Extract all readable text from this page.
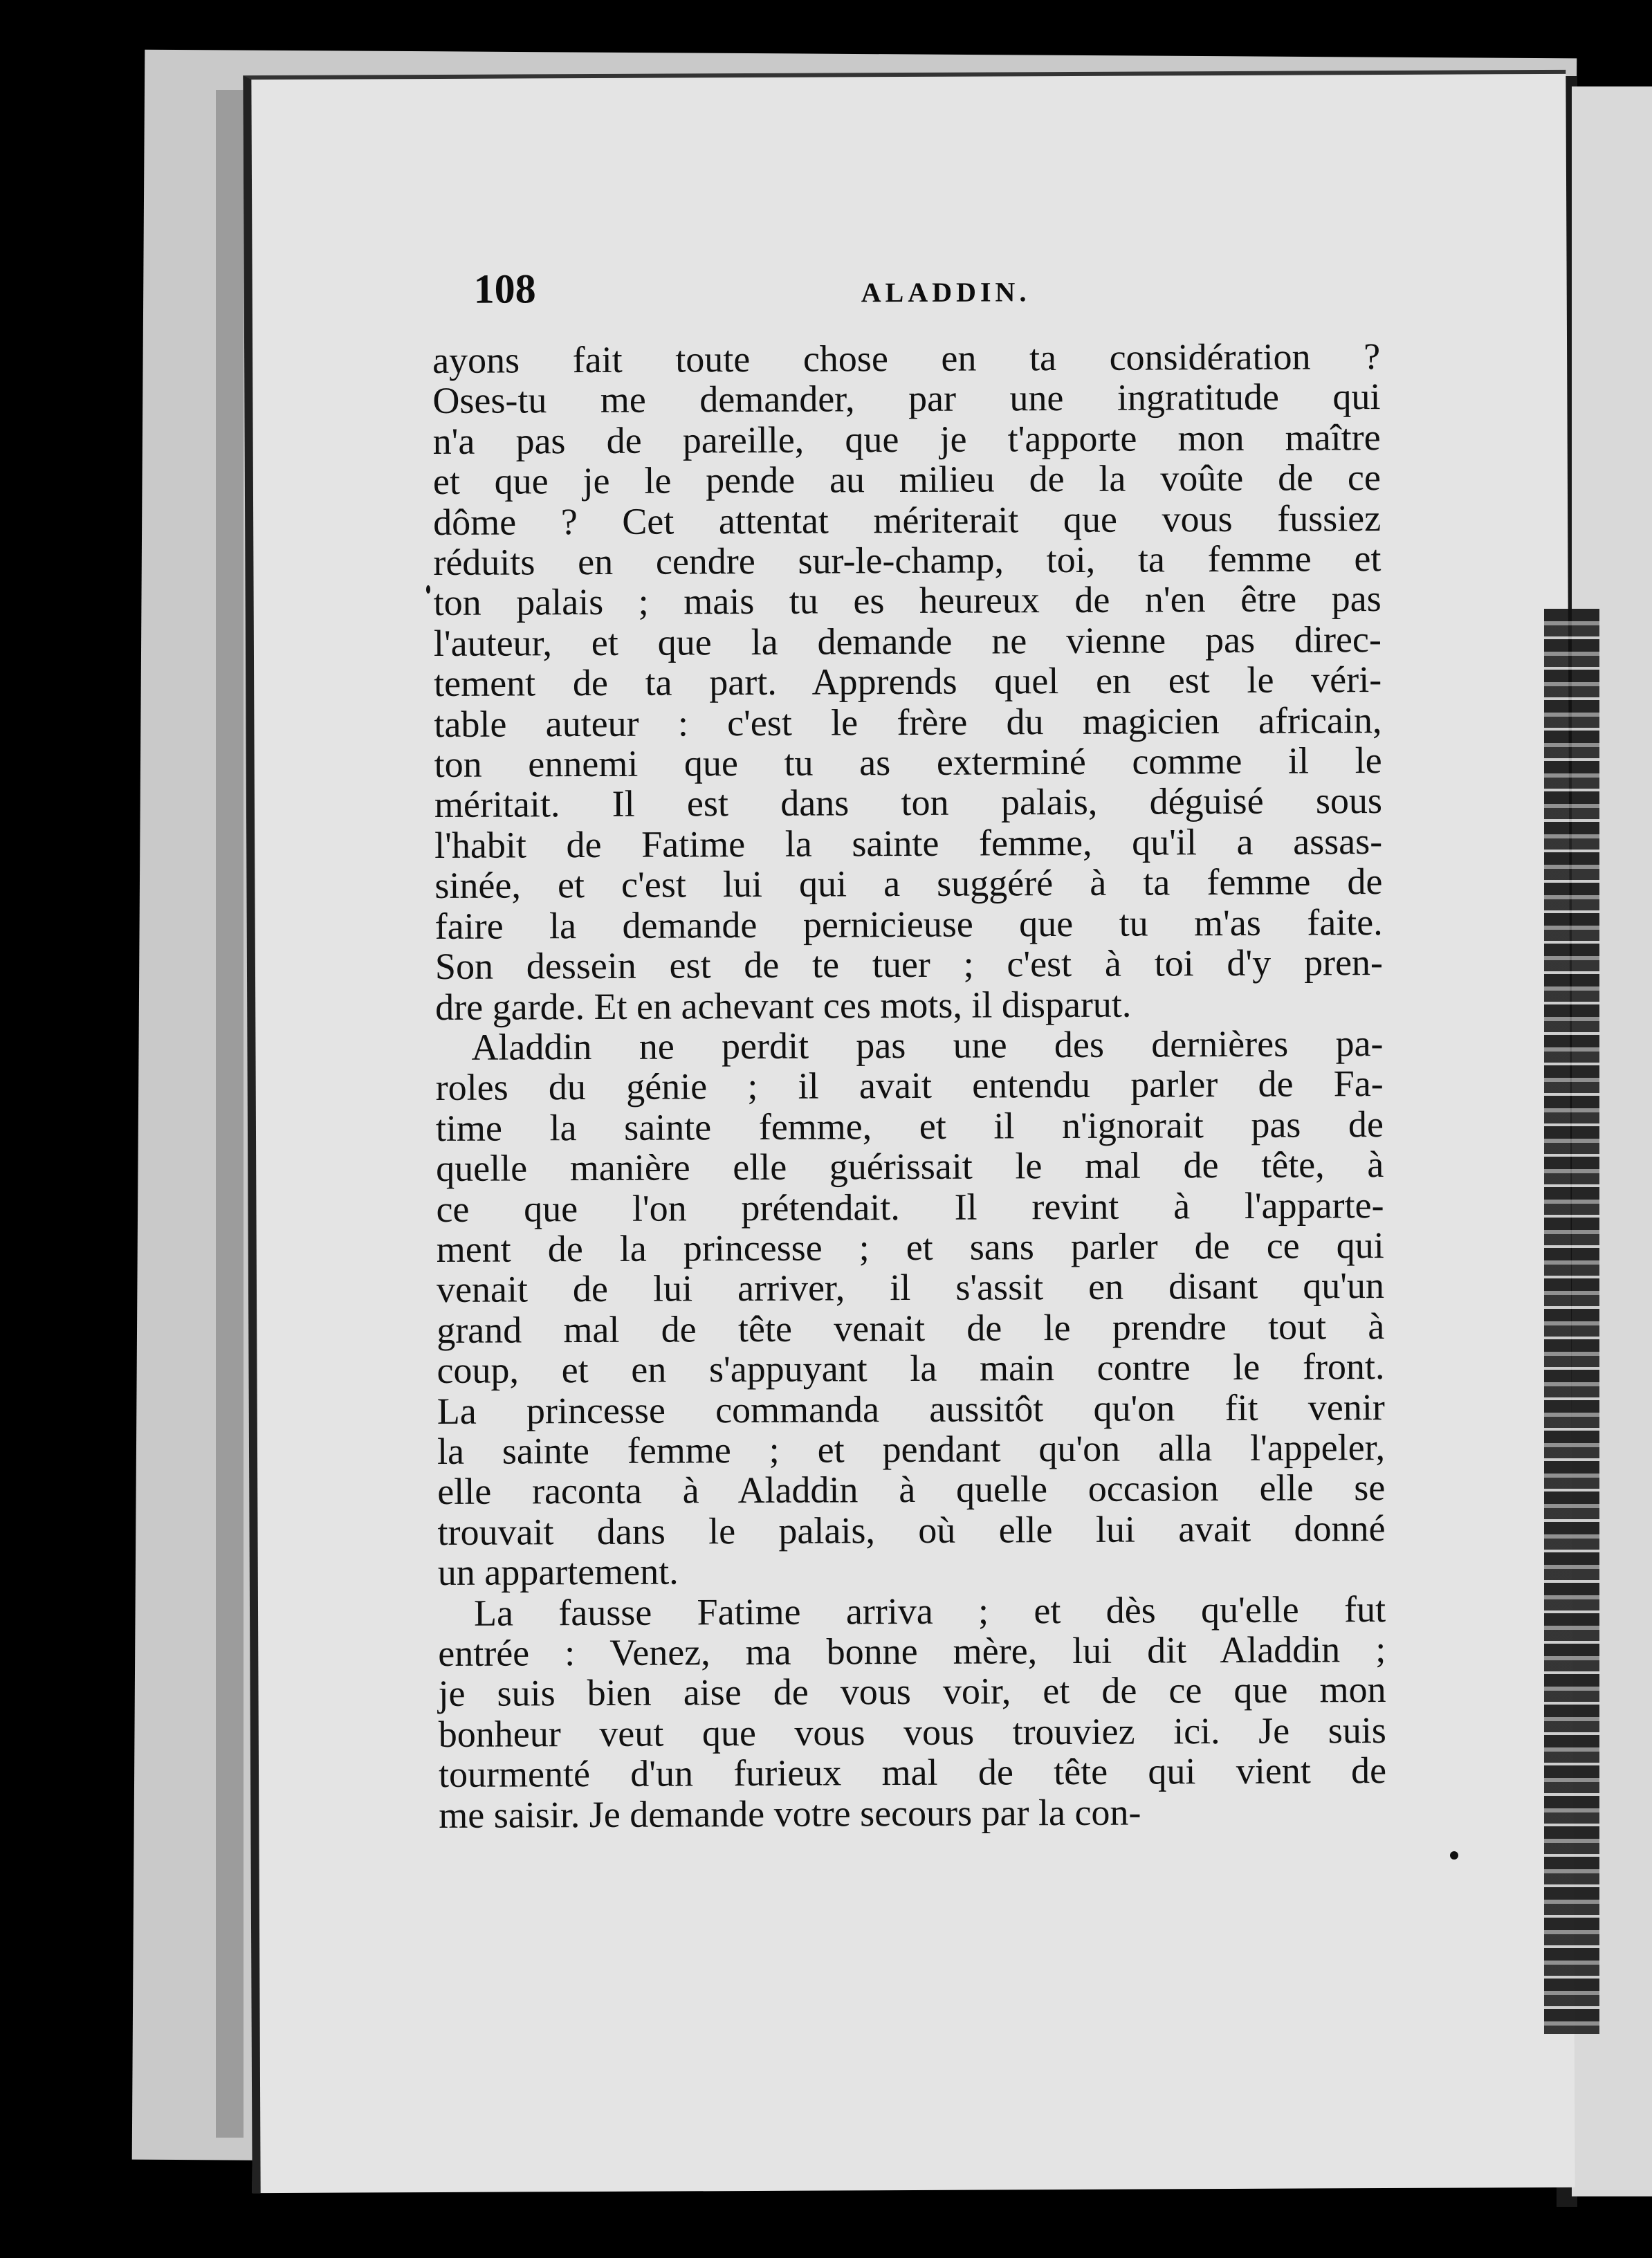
108	ALADDIN.
ayons fait toute chose en ta considération ?
Oses-tu me demander, par une ingratitude qui
n'a pas de pareille, que je t'apporte mon maître
et que je le pende au milieu de la voûte de ce
dôme ? Cet attentat mériterait que vous fussiez
réduits en cendre sur-le-champ, toi, ta femme et
ton palais ; mais tu es heureux de n'en être pas
l'auteur, et que la demande ne vienne pas direc-
tement de ta part. Apprends quel en est le véri-
table auteur : c'est le frère du magicien africain,
ton ennemi que tu as exterminé comme il le
méritait. Il est dans ton palais, déguisé sous
l'habit de Fatime la sainte femme, qu'il a assas-
sinée, et c'est lui qui a suggéré à ta femme de
faire la demande pernicieuse que tu m'as faite.
Son dessein est de te tuer ; c'est à toi d'y pren-
dre garde. Et en achevant ces mots, il disparut.
Aladdin ne perdit pas une des dernières pa-
roles du génie ; il avait entendu parler de Fa-
time la sainte femme, et il n'ignorait pas de
quelle manière elle guérissait le mal de tête, à
ce que l'on prétendait. Il revint à l'apparte-
ment de la princesse ; et sans parler de ce qui
venait de lui arriver, il s'assit en disant qu'un
grand mal de tête venait de le prendre tout à
coup, et en s'appuyant la main contre le front.
La princesse commanda aussitôt qu'on fit venir
la sainte femme ; et pendant qu'on alla l'appeler,
elle raconta à Aladdin à quelle occasion elle se
trouvait dans le palais, où elle lui avait donné
un appartement.
La fausse Fatime arriva ; et dès qu'elle fut
entrée : Venez, ma bonne mère, lui dit Aladdin ;
je suis bien aise de vous voir, et de ce que mon
bonheur veut que vous vous trouviez ici. Je suis
tourmenté d'un furieux mal de tête qui vient de
me saisir. Je demande votre secours par la con-
